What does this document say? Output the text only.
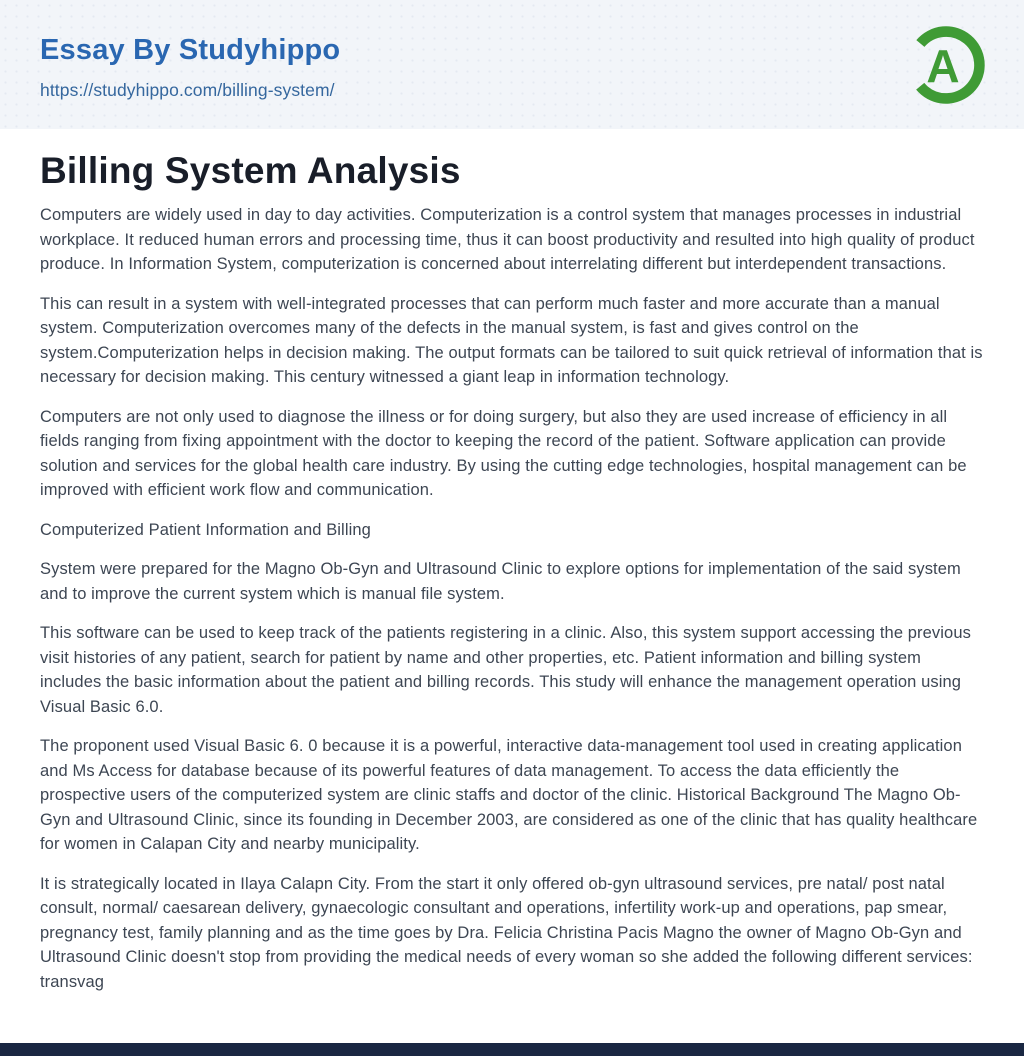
Essay By Studyhippo
https://studyhippo.com/billing-system/	A
Billing System Analysis

Computers are widely used in day to day activities. Computerization is a control system that manages processes in industrial workplace. It reduced human errors and processing time, thus it can boost productivity and resulted into high quality of product produce. In Information System, computerization is concerned about interrelating different but interdependent transactions.

This can result in a system with well-integrated processes that can perform much faster and more accurate than a manual system. Computerization overcomes many of the defects in the manual system, is fast and gives control on the system.Computerization helps in decision making. The output formats can be tailored to suit quick retrieval of information that is necessary for decision making. This century witnessed a giant leap in information technology.

Computers are not only used to diagnose the illness or for doing surgery, but also they are used increase of efficiency in all fields ranging from fixing appointment with the doctor to keeping the record of the patient. Software application can provide solution and services for the global health care industry. By using the cutting edge technologies, hospital management can be improved with efficient work flow and communication.

Computerized Patient Information and Billing

System were prepared for the Magno Ob-Gyn and Ultrasound Clinic to explore options for implementation of the said system and to improve the current system which is manual file system.

This software can be used to keep track of the patients registering in a clinic. Also, this system support accessing the previous visit histories of any patient, search for patient by name and other properties, etc. Patient information and billing system includes the basic information about the patient and billing records. This study will enhance the management operation using Visual Basic 6.0.

The proponent used Visual Basic 6. 0 because it is a powerful, interactive data-management tool used in creating application and Ms Access for database because of its powerful features of data management. To access the data efficiently the prospective users of the computerized system are clinic staffs and doctor of the clinic. Historical Background The Magno Ob-Gyn and Ultrasound Clinic, since its founding in December 2003, are considered as one of the clinic that has quality healthcare for women in Calapan City and nearby municipality.

It is strategically located in Ilaya Calapn City. From the start it only offered ob-gyn ultrasound services, pre natal/ post natal consult, normal/ caesarean delivery, gynaecologic consultant and operations, infertility work-up and operations, pap smear, pregnancy test, family planning and as the time goes by Dra. Felicia Christina Pacis Magno the owner of Magno Ob-Gyn and Ultrasound Clinic doesn't stop from providing the medical needs of every woman so she added the following different services: transvag
